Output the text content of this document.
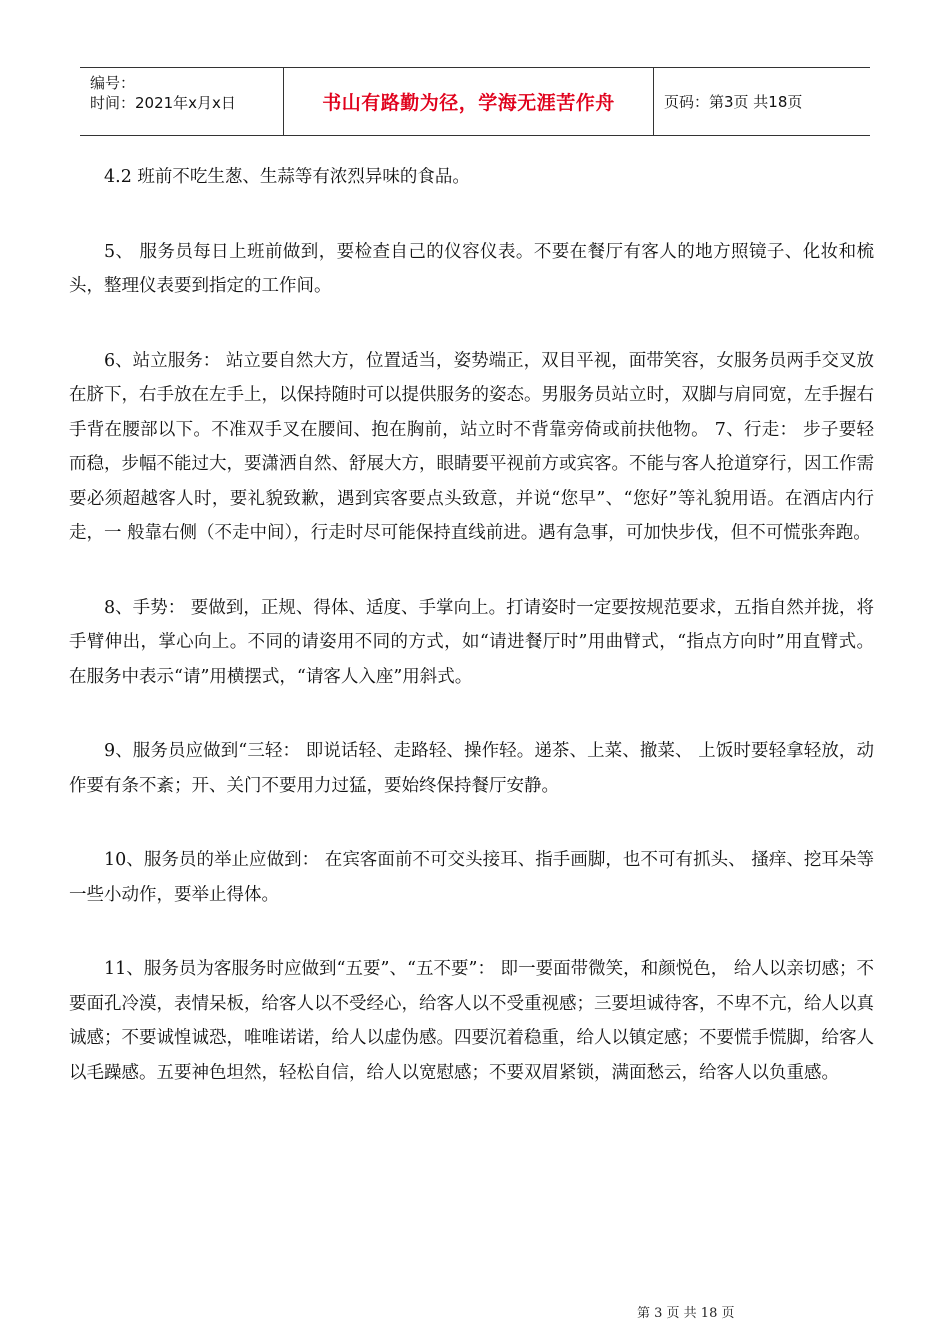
编号：
时间：2021年x月x日	书山有路勤为径，学海无涯苦作舟	页码：第3页 共18页

4.2 班前不吃生葱、生蒜等有浓烈异味的食品。

5、 服务员每日上班前做到，要检查自己的仪容仪表。不要在餐厅有客人的地方照镜子、化妆和梳头，整理仪表要到指定的工作间。

6、站立服务： 站立要自然大方，位置适当，姿势端正，双目平视，面带笑容，女服务员两手交叉放在脐下，右手放在左手上，以保持随时可以提供服务的姿态。男服务员站立时，双脚与肩同宽，左手握右手背在腰部以下。不准双手叉在腰间、抱在胸前，站立时不背靠旁倚或前扶他物。 7、行走： 步子要轻而稳，步幅不能过大，要潇洒自然、舒展大方，眼睛要平视前方或宾客。不能与客人抢道穿行，因工作需要必须超越客人时，要礼貌致歉，遇到宾客要点头致意，并说“您早”、“您好”等礼貌用语。在酒店内行走，一 般靠右侧（不走中间），行走时尽可能保持直线前进。遇有急事，可加快步伐，但不可慌张奔跑。

8、手势： 要做到，正规、得体、适度、手掌向上。打请姿时一定要按规范要求，五指自然并拢，将手臂伸出，掌心向上。不同的请姿用不同的方式，如“请进餐厅时”用曲臂式，“指点方向时”用直臂式。在服务中表示“请”用横摆式，“请客人入座”用斜式。

9、服务员应做到“三轻： 即说话轻、走路轻、操作轻。递茶、上菜、撤菜、 上饭时要轻拿轻放，动作要有条不紊；开、关门不要用力过猛，要始终保持餐厅安静。

10、服务员的举止应做到： 在宾客面前不可交头接耳、指手画脚，也不可有抓头、 搔痒、挖耳朵等一些小动作，要举止得体。

11、服务员为客服务时应做到“五要”、“五不要”： 即一要面带微笑，和颜悦色， 给人以亲切感；不要面孔冷漠，表情呆板，给客人以不受经心，给客人以不受重视感；三要坦诚待客，不卑不亢，给人以真诚感；不要诚惶诚恐，唯唯诺诺，给人以虚伪感。四要沉着稳重，给人以镇定感；不要慌手慌脚，给客人以毛躁感。五要神色坦然，轻松自信，给人以宽慰感；不要双眉紧锁，满面愁云，给客人以负重感。

第 3 页 共 18 页
